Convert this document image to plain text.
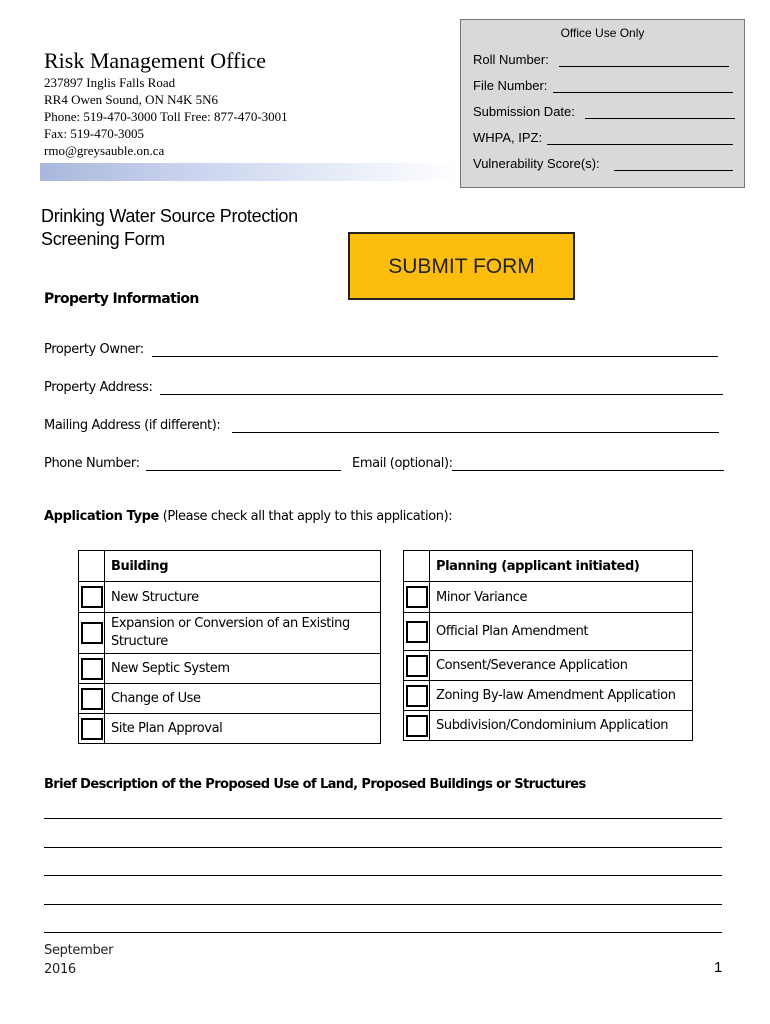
Risk Management Office
237897 Inglis Falls Road
RR4 Owen Sound, ON N4K 5N6
Phone: 519-470-3000 Toll Free: 877-470-3001
Fax: 519-470-3005
rmo@greysauble.on.ca
Office Use Only
Roll Number:
File Number:
Submission Date:
WHPA, IPZ:
Vulnerability Score(s):
Drinking Water Source Protection
Screening Form
SUBMIT FORM
Property Information
Property Owner:
Property Address:
Mailing Address (if different):
Phone Number:	Email (optional):
Application Type (Please check all that apply to this application):
	Building

	New Structure

	Expansion or Conversion of an Existing Structure

	New Septic System

	Change of Use

	Site Plan Approval
	Planning (applicant initiated)

	Minor Variance

	Official Plan Amendment

	Consent/Severance Application

	Zoning By-law Amendment Application

	Subdivision/Condominium Application
Brief Description of the Proposed Use of Land, Proposed Buildings or Structures
September
2016	1
